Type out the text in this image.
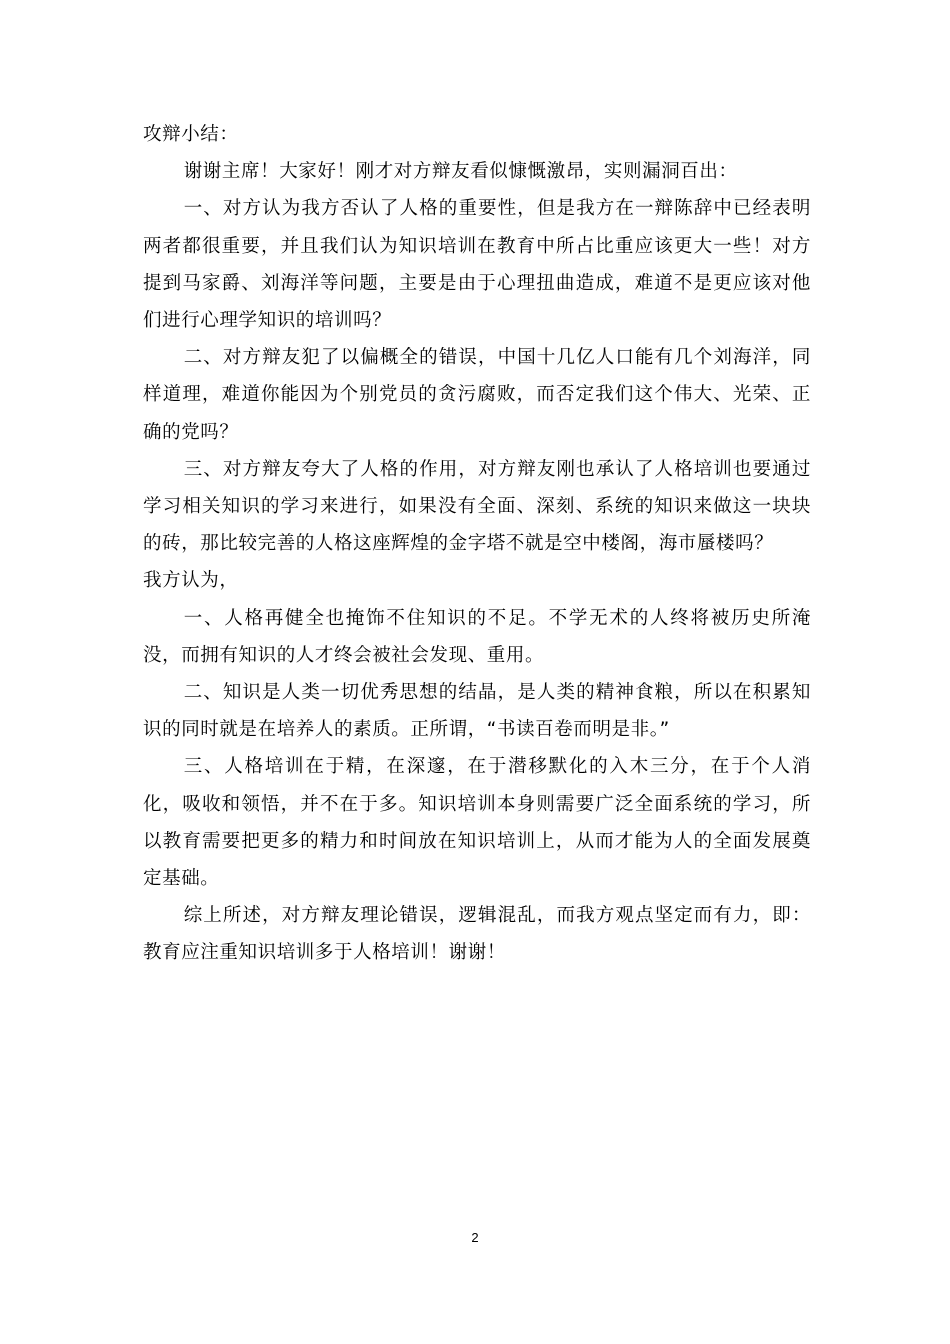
攻辩小结：

谢谢主席！大家好！刚才对方辩友看似慷慨激昂，实则漏洞百出：

一、对方认为我方否认了人格的重要性，但是我方在一辩陈辞中已经表明两者都很重要，并且我们认为知识培训在教育中所占比重应该更大一些！对方提到马家爵、刘海洋等问题，主要是由于心理扭曲造成，难道不是更应该对他们进行心理学知识的培训吗？

二、对方辩友犯了以偏概全的错误，中国十几亿人口能有几个刘海洋，同样道理，难道你能因为个别党员的贪污腐败，而否定我们这个伟大、光荣、正确的党吗？

三、对方辩友夸大了人格的作用，对方辩友刚也承认了人格培训也要通过学习相关知识的学习来进行，如果没有全面、深刻、系统的知识来做这一块块的砖，那比较完善的人格这座辉煌的金字塔不就是空中楼阁，海市蜃楼吗？

我方认为，

一、人格再健全也掩饰不住知识的不足。不学无术的人终将被历史所淹没，而拥有知识的人才终会被社会发现、重用。

二、知识是人类一切优秀思想的结晶，是人类的精神食粮，所以在积累知识的同时就是在培养人的素质。正所谓，“书读百卷而明是非。”

三、人格培训在于精，在深邃，在于潜移默化的入木三分，在于个人消化，吸收和领悟，并不在于多。知识培训本身则需要广泛全面系统的学习，所以教育需要把更多的精力和时间放在知识培训上，从而才能为人的全面发展奠定基础。

综上所述，对方辩友理论错误，逻辑混乱，而我方观点坚定而有力，即：教育应注重知识培训多于人格培训！谢谢！

2
